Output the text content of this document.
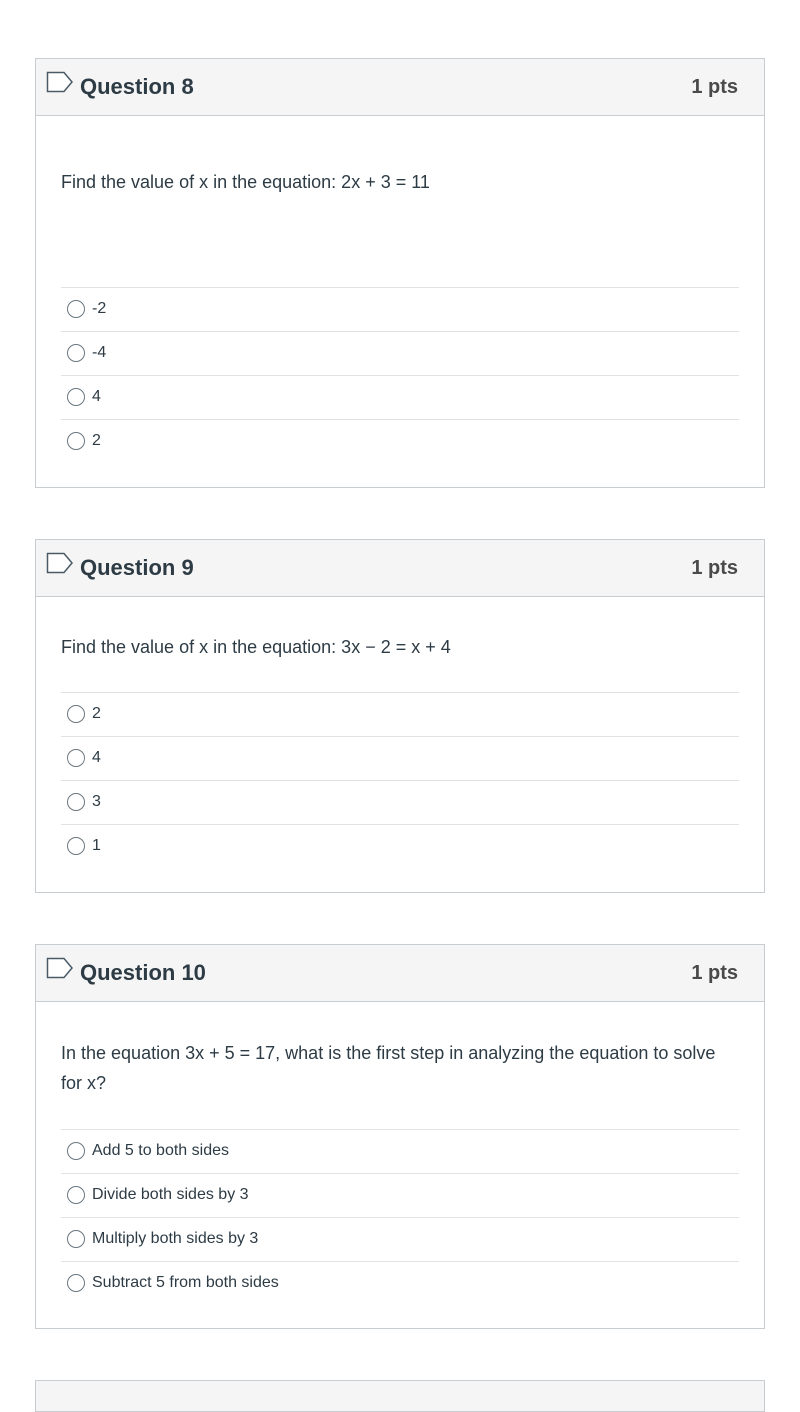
Question 8	1 pts
Find the value of x in the equation: 2x + 3 = 11
-2
-4
4
2
Question 9	1 pts
Find the value of x in the equation: 3x − 2 = x + 4
2
4
3
1
Question 10	1 pts
In the equation 3x + 5 = 17, what is the first step in analyzing the equation to solve for x?
Add 5 to both sides
Divide both sides by 3
Multiply both sides by 3
Subtract 5 from both sides
